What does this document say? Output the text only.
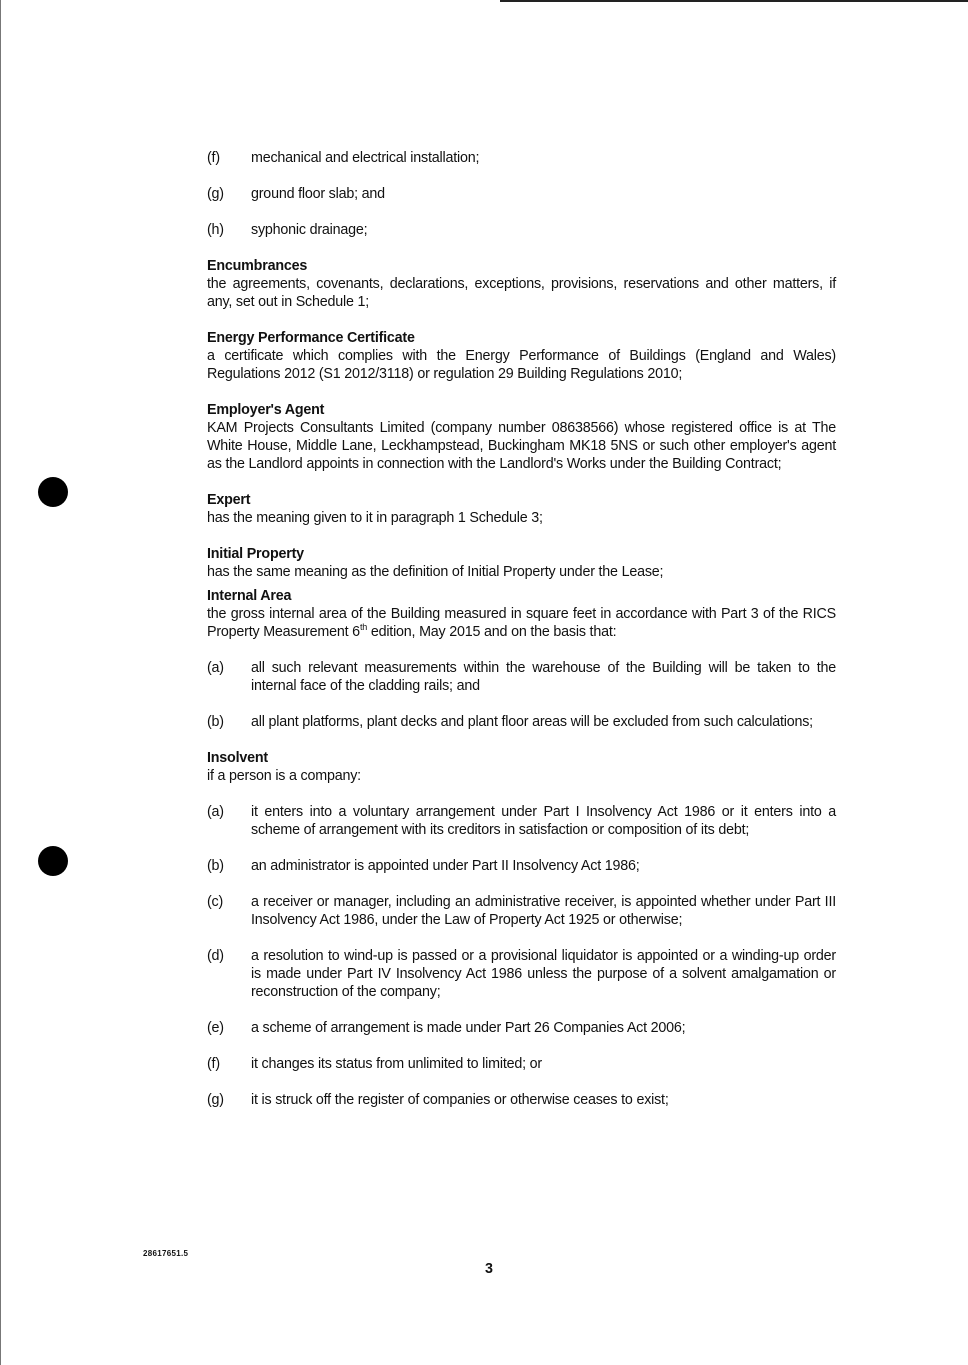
(f)	mechanical and electrical installation;
(g)	ground floor slab; and
(h)	syphonic drainage;
Encumbrances
the agreements, covenants, declarations, exceptions, provisions, reservations and other matters, if any, set out in Schedule 1;
Energy Performance Certificate
a certificate which complies with the Energy Performance of Buildings (England and Wales) Regulations 2012 (S1 2012/3118) or regulation 29 Building Regulations 2010;
Employer's Agent
KAM Projects Consultants Limited (company number 08638566) whose registered office is at The White House, Middle Lane, Leckhampstead, Buckingham MK18 5NS or such other employer's agent as the Landlord appoints in connection with the Landlord's Works under the Building Contract;
Expert
has the meaning given to it in paragraph 1 Schedule 3;
Initial Property
has the same meaning as the definition of Initial Property under the Lease;
Internal Area
the gross internal area of the Building measured in square feet in accordance with Part 3 of the RICS Property Measurement 6th edition, May 2015 and on the basis that:
(a)	all such relevant measurements within the warehouse of the Building will be taken to the internal face of the cladding rails; and
(b)	all plant platforms, plant decks and plant floor areas will be excluded from such calculations;
Insolvent
if a person is a company:
(a)	it enters into a voluntary arrangement under Part I Insolvency Act 1986 or it enters into a scheme of arrangement with its creditors in satisfaction or composition of its debt;
(b)	an administrator is appointed under Part II Insolvency Act 1986;
(c)	a receiver or manager, including an administrative receiver, is appointed whether under Part III Insolvency Act 1986, under the Law of Property Act 1925 or otherwise;
(d)	a resolution to wind-up is passed or a provisional liquidator is appointed or a winding-up order is made under Part IV Insolvency Act 1986 unless the purpose of a solvent amalgamation or reconstruction of the company;
(e)	a scheme of arrangement is made under Part 26 Companies Act 2006;
(f)	it changes its status from unlimited to limited; or
(g)	it is struck off the register of companies or otherwise ceases to exist;
28617651.5
3
